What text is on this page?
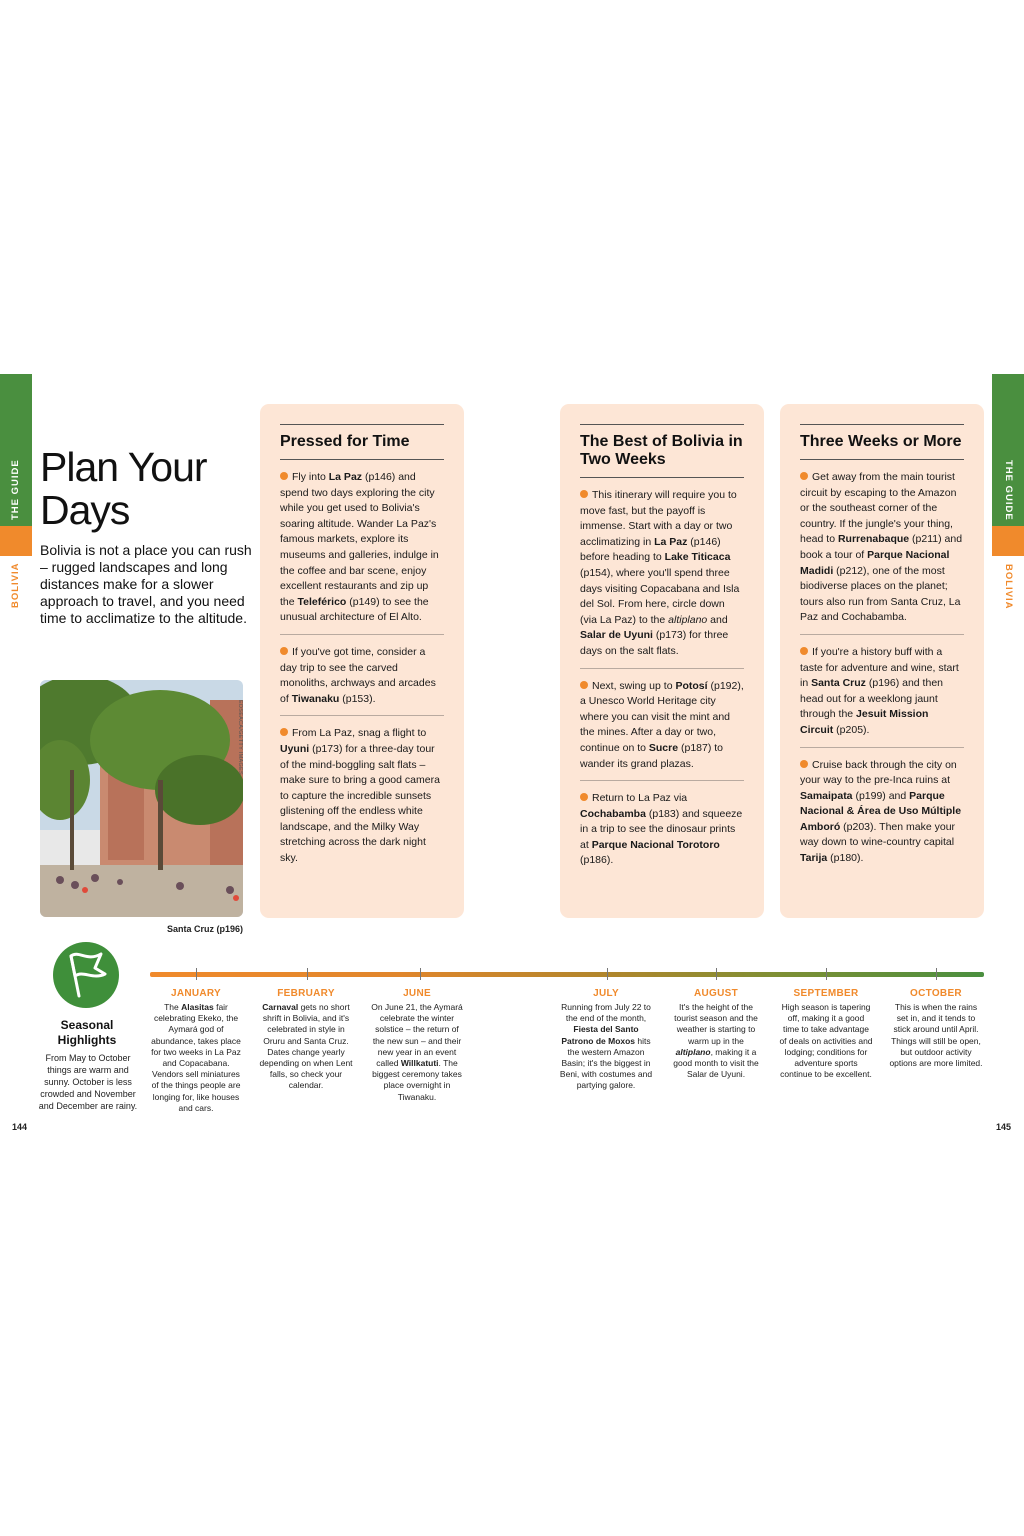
THE GUIDE
BOLIVIA
THE GUIDE
BOLIVIA
Plan Your
Days
Bolivia is not a place you can rush – rugged landscapes and long distances make for a slower approach to travel, and you need time to acclimatize to the altitude.
EDSEACA/GETTY IMAGES
Santa Cruz (p196)
Pressed for Time
Fly into La Paz (p146) and spend two days exploring the city while you get used to Bolivia's soaring altitude. Wander La Paz's famous markets, explore its museums and galleries, indulge in the coffee and bar scene, enjoy excellent restaurants and zip up the Teleférico (p149) to see the unusual architecture of El Alto.
If you've got time, consider a day trip to see the carved monoliths, archways and arcades of Tiwanaku (p153).
From La Paz, snag a flight to Uyuni (p173) for a three-day tour of the mind-boggling salt flats – make sure to bring a good camera to capture the incredible sunsets glistening off the endless white landscape, and the Milky Way stretching across the dark night sky.
The Best of Bolivia in Two Weeks
This itinerary will require you to move fast, but the payoff is immense. Start with a day or two acclimatizing in La Paz (p146) before heading to Lake Titicaca (p154), where you'll spend three days visiting Copacabana and Isla del Sol. From here, circle down (via La Paz) to the altiplano and Salar de Uyuni (p173) for three days on the salt flats.
Next, swing up to Potosí (p192), a Unesco World Heritage city where you can visit the mint and the mines. After a day or two, continue on to Sucre (p187) to wander its grand plazas.
Return to La Paz via Cochabamba (p183) and squeeze in a trip to see the dinosaur prints at Parque Nacional Torotoro (p186).
Three Weeks or More
Get away from the main tourist circuit by escaping to the Amazon or the southeast corner of the country. If the jungle's your thing, head to Rurrenabaque (p211) and book a tour of Parque Nacional Madidi (p212), one of the most biodiverse places on the planet; tours also run from Santa Cruz, La Paz and Cochabamba.
If you're a history buff with a taste for adventure and wine, start in Santa Cruz (p196) and then head out for a weeklong jaunt through the Jesuit Mission Circuit (p205).
Cruise back through the city on your way to the pre-Inca ruins at Samaipata (p199) and Parque Nacional & Área de Uso Múltiple Amboró (p203). Then make your way down to wine-country capital Tarija (p180).
Seasonal Highlights
From May to October things are warm and sunny. October is less crowded and November and December are rainy.
JANUARY
The Alasitas fair celebrating Ekeko, the Aymará god of abundance, takes place for two weeks in La Paz and Copacabana. Vendors sell miniatures of the things people are longing for, like houses and cars.
FEBRUARY
Carnaval gets no short shrift in Bolivia, and it's celebrated in style in Oruru and Santa Cruz. Dates change yearly depending on when Lent falls, so check your calendar.
JUNE
On June 21, the Aymará celebrate the winter solstice – the return of the new sun – and their new year in an event called Willkatuti. The biggest ceremony takes place overnight in Tiwanaku.
JULY
Running from July 22 to the end of the month, Fiesta del Santo Patrono de Moxos hits the western Amazon Basin; it's the biggest in Beni, with costumes and partying galore.
AUGUST
It's the height of the tourist season and the weather is starting to warm up in the altiplano, making it a good month to visit the Salar de Uyuni.
SEPTEMBER
High season is tapering off, making it a good time to take advantage of deals on activities and lodging; conditions for adventure sports continue to be excellent.
OCTOBER
This is when the rains set in, and it tends to stick around until April. Things will still be open, but outdoor activity options are more limited.
144	145
